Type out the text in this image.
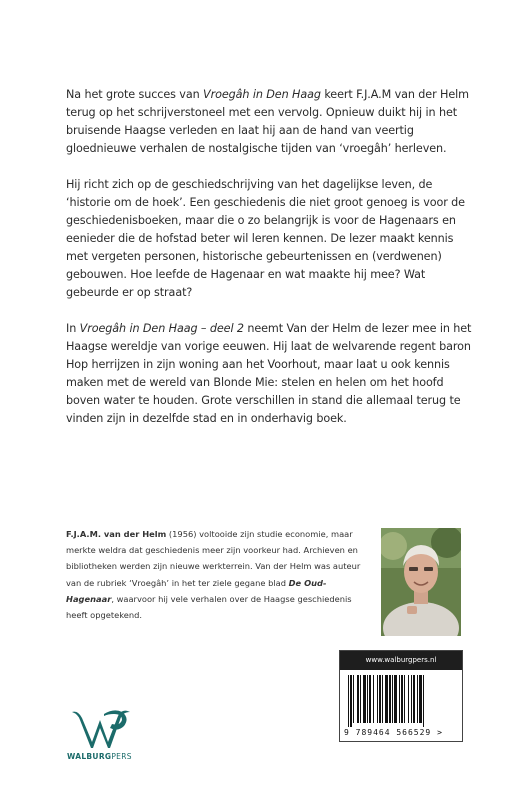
Na het grote succes van Vroegâh in Den Haag keert F.J.A.M van der Helm terug op het schrijverstoneel met een vervolg. Opnieuw duikt hij in het bruisende Haagse verleden en laat hij aan de hand van veertig gloednieuwe verhalen de nostalgische tijden van ‘vroegâh’ herleven.

Hij richt zich op de geschiedschrijving van het dagelijkse leven, de ‘historie om de hoek’. Een geschiedenis die niet groot genoeg is voor de geschiedenisboeken, maar die o zo belangrijk is voor de Hagenaars en eenieder die de hofstad beter wil leren kennen. De lezer maakt kennis met vergeten personen, historische gebeurtenissen en (verdwenen) gebouwen. Hoe leefde de Hagenaar en wat maakte hij mee? Wat gebeurde er op straat?

In Vroegâh in Den Haag – deel 2 neemt Van der Helm de lezer mee in het Haagse wereldje van vorige eeuwen. Hij laat de welvarende regent baron Hop herrijzen in zijn woning aan het Voorhout, maar laat u ook kennis maken met de wereld van Blonde Mie: stelen en helen om het hoofd boven water te houden. Grote verschillen in stand die allemaal terug te vinden zijn in dezelfde stad en in onderhavig boek.

F.J.A.M. van der Helm (1956) voltooide zijn studie economie, maar merkte weldra dat geschiedenis meer zijn voorkeur had. Archieven en bibliotheken werden zijn nieuwe werkterrein. Van der Helm was auteur van de rubriek ‘Vroegâh’ in het ter ziele gegane blad De Oud-Hagenaar, waarvoor hij vele verhalen over de Haagse geschiedenis heeft opgetekend.
www.walburgpers.nl
9 789464 566529 >
WALBURGPERS
